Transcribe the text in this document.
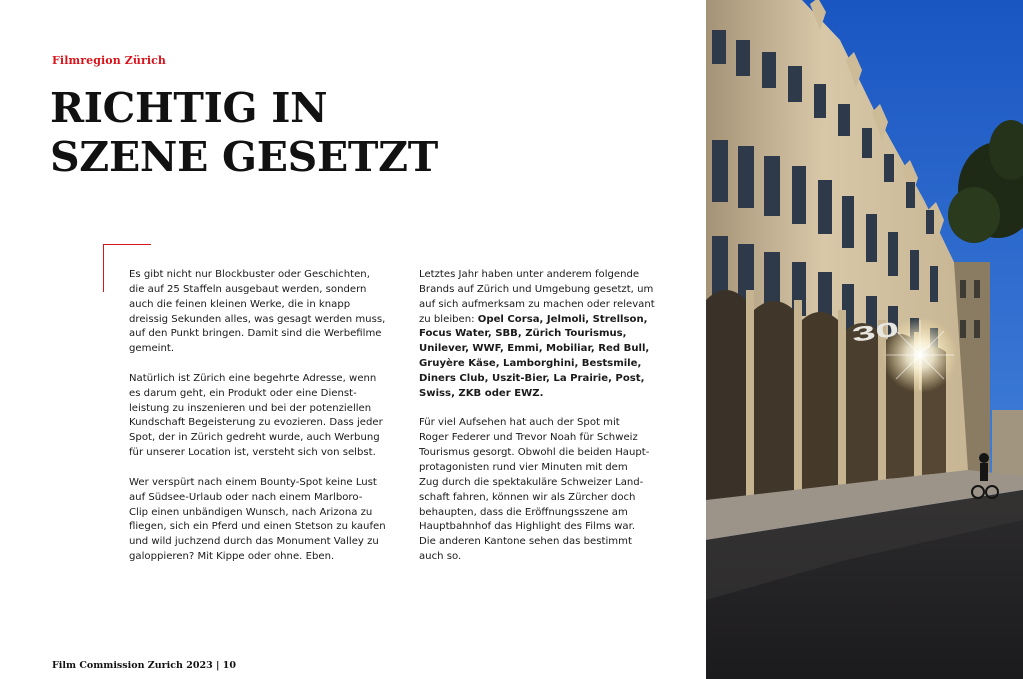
Filmregion Zürich
RICHTIG IN
SZENE GESETZT

Es gibt nicht nur Blockbuster oder Geschichten,
die auf 25 Staffeln ausgebaut werden, sondern
auch die feinen kleinen Werke, die in knapp
dreissig Sekunden alles, was gesagt werden muss,
auf den Punkt bringen. Damit sind die Werbefilme
gemeint.

Natürlich ist Zürich eine begehrte Adresse, wenn
es darum geht, ein Produkt oder eine Dienst-
leistung zu inszenieren und bei der potenziellen
Kundschaft Begeisterung zu evozieren. Dass jeder
Spot, der in Zürich gedreht wurde, auch Werbung
für unserer Location ist, versteht sich von selbst.

Wer verspürt nach einem Bounty-Spot keine Lust
auf Südsee-Urlaub oder nach einem Marlboro-
Clip einen unbändigen Wunsch, nach Arizona zu
fliegen, sich ein Pferd und einen Stetson zu kaufen
und wild juchzend durch das Monument Valley zu
galoppieren? Mit Kippe oder ohne. Eben.

Letztes Jahr haben unter anderem folgende
Brands auf Zürich und Umgebung gesetzt, um
auf sich aufmerksam zu machen oder relevant
zu bleiben: Opel Corsa, Jelmoli, Strellson,
Focus Water, SBB, Zürich Tourismus,
Unilever, WWF, Emmi, Mobiliar, Red Bull,
Gruyère Käse, Lamborghini, Bestsmile,
Diners Club, Uszit-Bier, La Prairie, Post,
Swiss, ZKB oder EWZ.

Für viel Aufsehen hat auch der Spot mit
Roger Federer und Trevor Noah für Schweiz
Tourismus gesorgt. Obwohl die beiden Haupt-
protagonisten rund vier Minuten mit dem
Zug durch die spektakuläre Schweizer Land-
schaft fahren, können wir als Zürcher doch
behaupten, dass die Eröffnungsszene am
Hauptbahnhof das Highlight des Films war.
Die anderen Kantone sehen das bestimmt
auch so.

Film Commission Zurich 2023 | 10
30
